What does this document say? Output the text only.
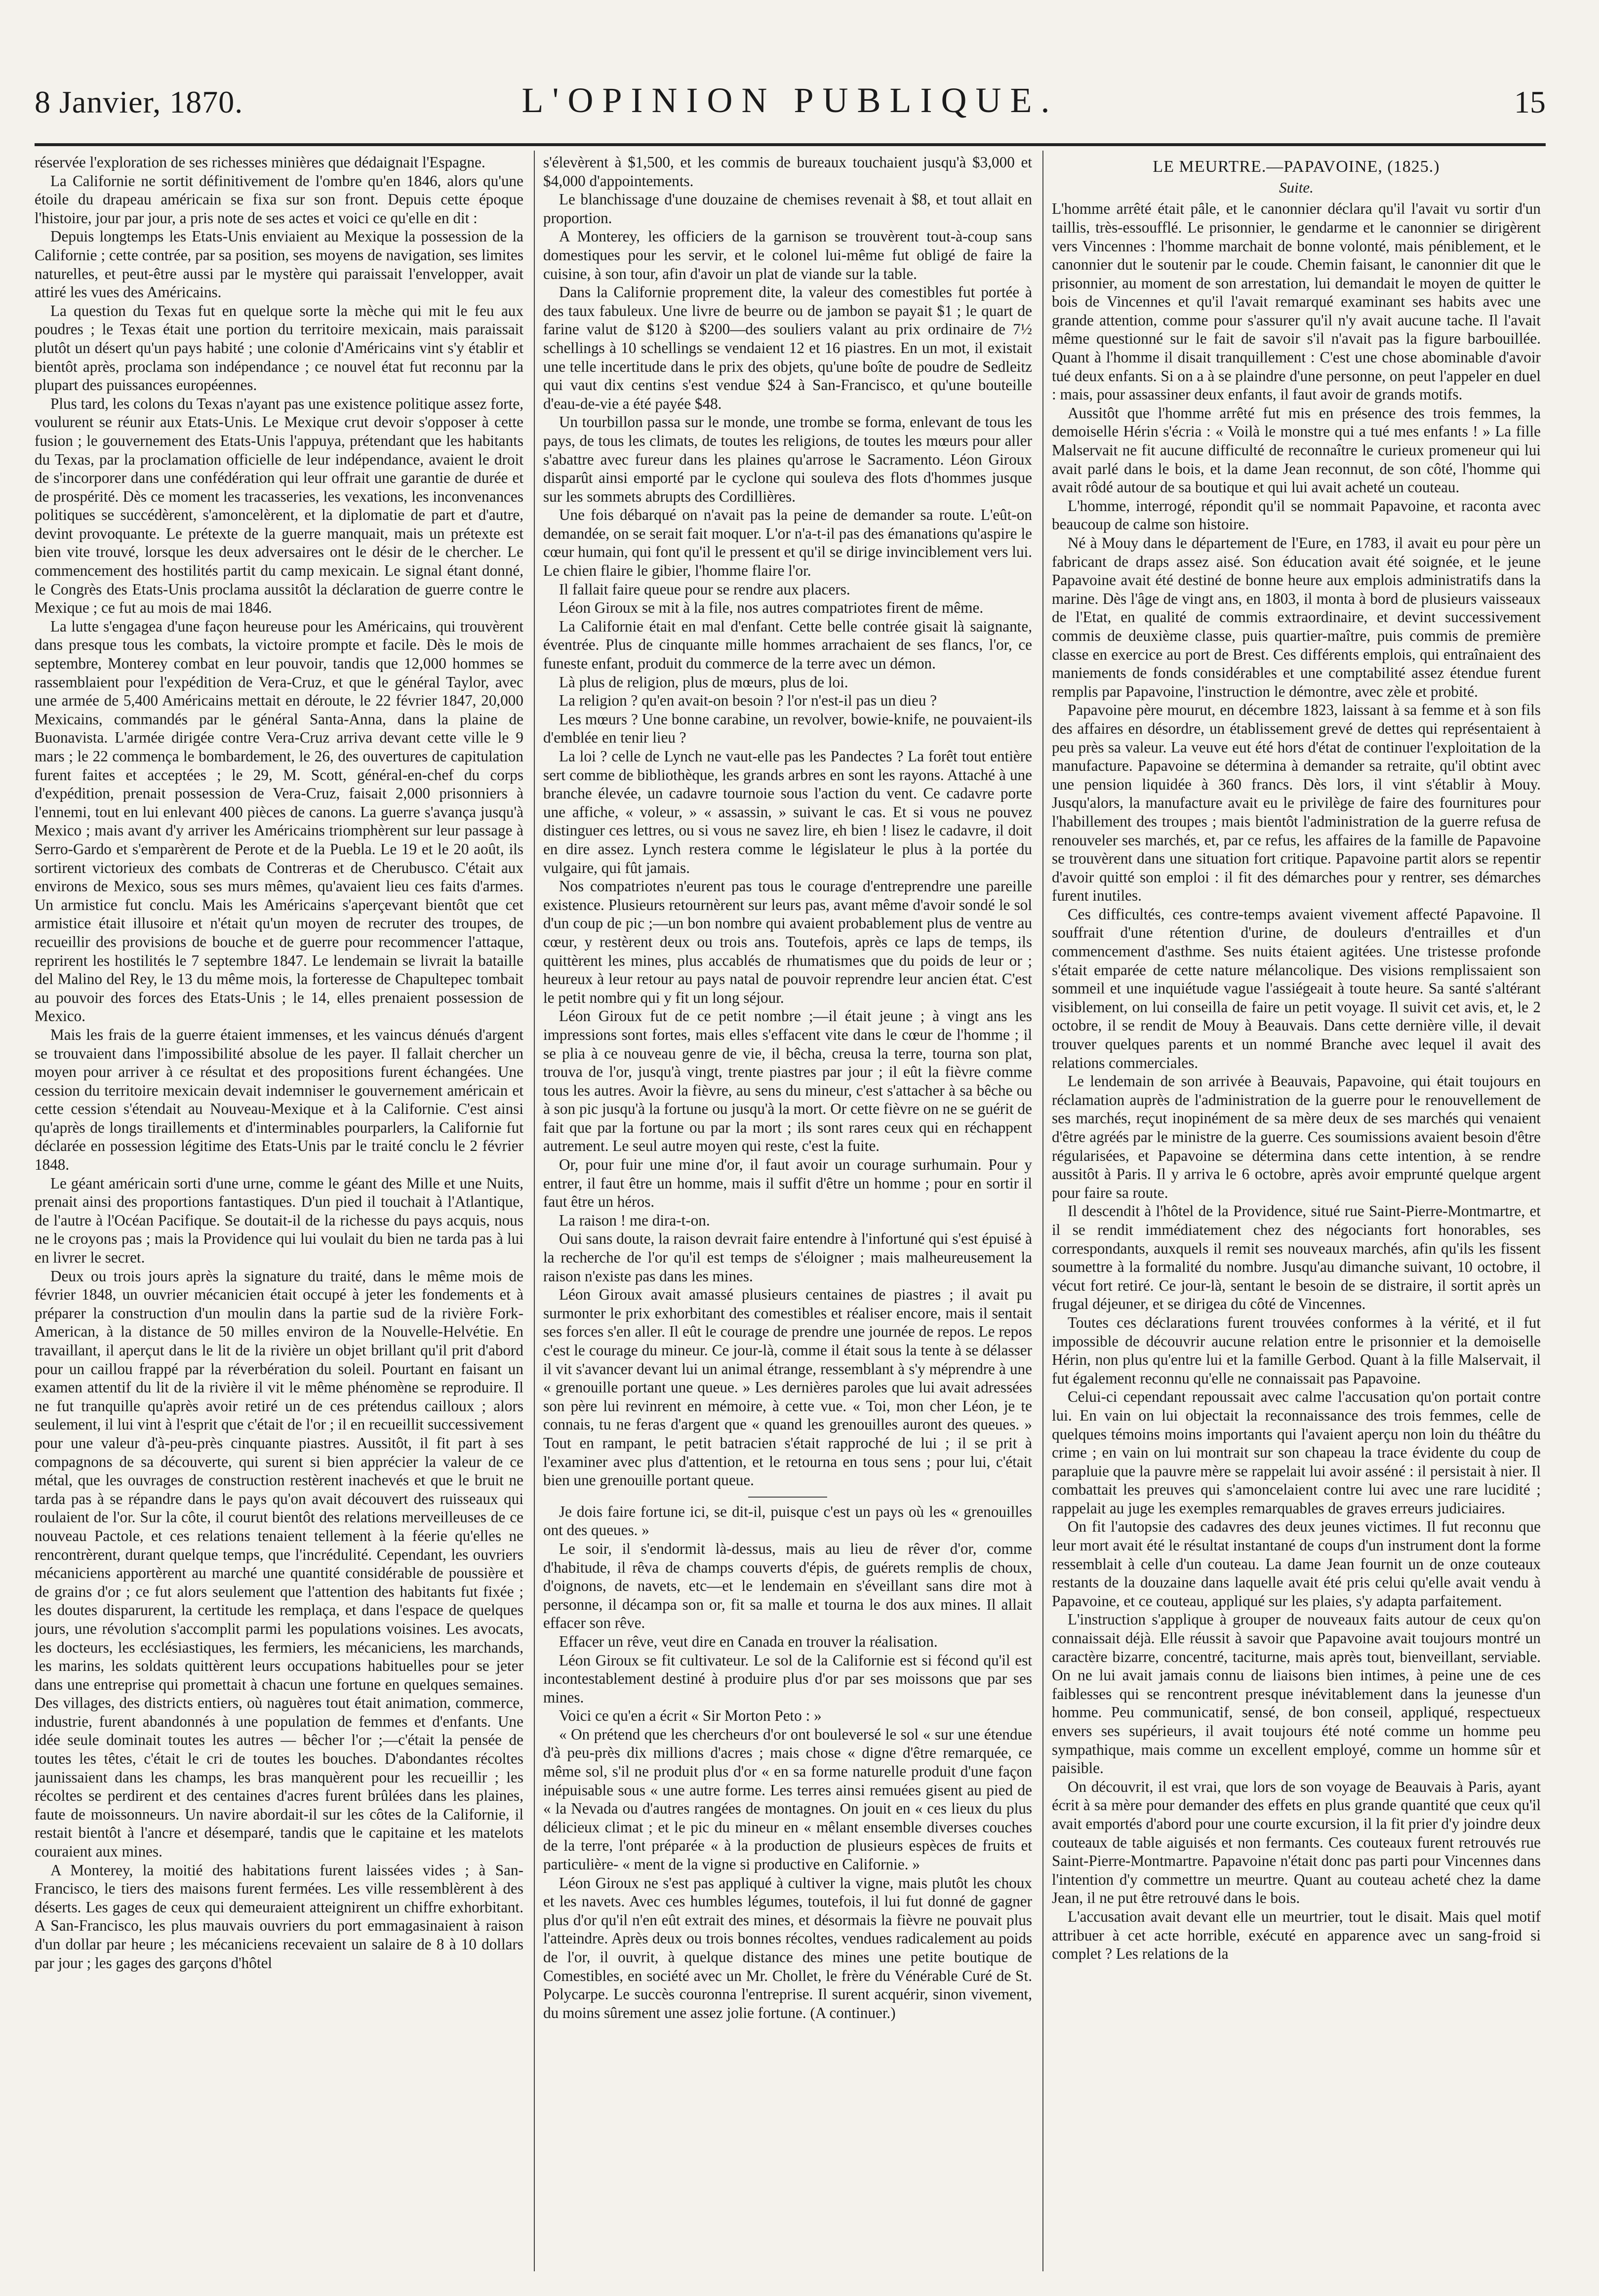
8 Janvier, 1870.	L'OPINION PUBLIQUE.	15

réservée l'exploration de ses richesses minières que dédaignait l'Espagne.

La Californie ne sortit définitivement de l'ombre qu'en 1846, alors qu'une étoile du drapeau américain se fixa sur son front. Depuis cette époque l'histoire, jour par jour, a pris note de ses actes et voici ce qu'elle en dit :

Depuis longtemps les Etats-Unis enviaient au Mexique la possession de la Californie ; cette contrée, par sa position, ses moyens de navigation, ses limites naturelles, et peut-être aussi par le mystère qui paraissait l'envelopper, avait attiré les vues des Américains.

La question du Texas fut en quelque sorte la mèche qui mit le feu aux poudres ; le Texas était une portion du territoire mexicain, mais paraissait plutôt un désert qu'un pays habité ; une colonie d'Américains vint s'y établir et bientôt après, proclama son indépendance ; ce nouvel état fut reconnu par la plupart des puissances européennes.

Plus tard, les colons du Texas n'ayant pas une existence politique assez forte, voulurent se réunir aux Etats-Unis. Le Mexique crut devoir s'opposer à cette fusion ; le gouvernement des Etats-Unis l'appuya, prétendant que les habitants du Texas, par la proclamation officielle de leur indépendance, avaient le droit de s'incorporer dans une confédération qui leur offrait une garantie de durée et de prospérité. Dès ce moment les tracasseries, les vexations, les inconvenances politiques se succédèrent, s'amoncelèrent, et la diplomatie de part et d'autre, devint provoquante. Le prétexte de la guerre manquait, mais un prétexte est bien vite trouvé, lorsque les deux adversaires ont le désir de le chercher. Le commencement des hostilités partit du camp mexicain. Le signal étant donné, le Congrès des Etats-Unis proclama aussitôt la déclaration de guerre contre le Mexique ; ce fut au mois de mai 1846.

La lutte s'engagea d'une façon heureuse pour les Américains, qui trouvèrent dans presque tous les combats, la victoire prompte et facile. Dès le mois de septembre, Monterey combat en leur pouvoir, tandis que 12,000 hommes se rassemblaient pour l'expédition de Vera-Cruz, et que le général Taylor, avec une armée de 5,400 Américains mettait en déroute, le 22 février 1847, 20,000 Mexicains, commandés par le général Santa-Anna, dans la plaine de Buonavista. L'armée dirigée contre Vera-Cruz arriva devant cette ville le 9 mars ; le 22 commença le bombardement, le 26, des ouvertures de capitulation furent faites et acceptées ; le 29, M. Scott, général-en-chef du corps d'expédition, prenait possession de Vera-Cruz, faisait 2,000 prisonniers à l'ennemi, tout en lui enlevant 400 pièces de canons. La guerre s'avança jusqu'à Mexico ; mais avant d'y arriver les Américains triomphèrent sur leur passage à Serro-Gardo et s'emparèrent de Perote et de la Puebla. Le 19 et le 20 août, ils sortirent victorieux des combats de Contreras et de Cherubusco. C'était aux environs de Mexico, sous ses murs mêmes, qu'avaient lieu ces faits d'armes. Un armistice fut conclu. Mais les Américains s'aperçevant bientôt que cet armistice était illusoire et n'était qu'un moyen de recruter des troupes, de recueillir des provisions de bouche et de guerre pour recommencer l'attaque, reprirent les hostilités le 7 septembre 1847. Le lendemain se livrait la bataille del Malino del Rey, le 13 du même mois, la forteresse de Chapultepec tombait au pouvoir des forces des Etats-Unis ; le 14, elles prenaient possession de Mexico.

Mais les frais de la guerre étaient immenses, et les vaincus dénués d'argent se trouvaient dans l'impossibilité absolue de les payer. Il fallait chercher un moyen pour arriver à ce résultat et des propositions furent échangées. Une cession du territoire mexicain devait indemniser le gouvernement américain et cette cession s'étendait au Nouveau-Mexique et à la Californie. C'est ainsi qu'après de longs tiraillements et d'interminables pourparlers, la Californie fut déclarée en possession légitime des Etats-Unis par le traité conclu le 2 février 1848.

Le géant américain sorti d'une urne, comme le géant des Mille et une Nuits, prenait ainsi des proportions fantastiques. D'un pied il touchait à l'Atlantique, de l'autre à l'Océan Pacifique. Se doutait-il de la richesse du pays acquis, nous ne le croyons pas ; mais la Providence qui lui voulait du bien ne tarda pas à lui en livrer le secret.

Deux ou trois jours après la signature du traité, dans le même mois de février 1848, un ouvrier mécanicien était occupé à jeter les fondements et à préparer la construction d'un moulin dans la partie sud de la rivière Fork-American, à la distance de 50 milles environ de la Nouvelle-Helvétie. En travaillant, il aperçut dans le lit de la rivière un objet brillant qu'il prit d'abord pour un caillou frappé par la réverbération du soleil. Pourtant en faisant un examen attentif du lit de la rivière il vit le même phénomène se reproduire. Il ne fut tranquille qu'après avoir retiré un de ces prétendus cailloux ; alors seulement, il lui vint à l'esprit que c'était de l'or ; il en recueillit successivement pour une valeur d'à-peu-près cinquante piastres. Aussitôt, il fit part à ses compagnons de sa découverte, qui surent si bien apprécier la valeur de ce métal, que les ouvrages de construction restèrent inachevés et que le bruit ne tarda pas à se répandre dans le pays qu'on avait découvert des ruisseaux qui roulaient de l'or. Sur la côte, il courut bientôt des relations merveilleuses de ce nouveau Pactole, et ces relations tenaient tellement à la féerie qu'elles ne rencontrèrent, durant quelque temps, que l'incrédulité. Cependant, les ouvriers mécaniciens apportèrent au marché une quantité considérable de poussière et de grains d'or ; ce fut alors seulement que l'attention des habitants fut fixée ; les doutes disparurent, la certitude les remplaça, et dans l'espace de quelques jours, une révolution s'accomplit parmi les populations voisines. Les avocats, les docteurs, les ecclésiastiques, les fermiers, les mécaniciens, les marchands, les marins, les soldats quittèrent leurs occupations habituelles pour se jeter dans une entreprise qui promettait à chacun une fortune en quelques semaines. Des villages, des districts entiers, où naguères tout était animation, commerce, industrie, furent abandonnés à une population de femmes et d'enfants. Une idée seule dominait toutes les autres — bêcher l'or ;—c'était la pensée de toutes les têtes, c'était le cri de toutes les bouches. D'abondantes récoltes jaunissaient dans les champs, les bras manquèrent pour les recueillir ; les récoltes se perdirent et des centaines d'acres furent brûlées dans les plaines, faute de moissonneurs. Un navire abordait-il sur les côtes de la Californie, il restait bientôt à l'ancre et désemparé, tandis que le capitaine et les matelots couraient aux mines.

A Monterey, la moitié des habitations furent laissées vides ; à San-Francisco, le tiers des maisons furent fermées. Les ville ressemblèrent à des déserts. Les gages de ceux qui demeuraient atteignirent un chiffre exhorbitant. A San-Francisco, les plus mauvais ouvriers du port emmagasinaient à raison d'un dollar par heure ; les mécaniciens recevaient un salaire de 8 à 10 dollars par jour ; les gages des garçons d'hôtel

s'élevèrent à $1,500, et les commis de bureaux touchaient jusqu'à $3,000 et $4,000 d'appointements.

Le blanchissage d'une douzaine de chemises revenait à $8, et tout allait en proportion.

A Monterey, les officiers de la garnison se trouvèrent tout-à-coup sans domestiques pour les servir, et le colonel lui-même fut obligé de faire la cuisine, à son tour, afin d'avoir un plat de viande sur la table.

Dans la Californie proprement dite, la valeur des comestibles fut portée à des taux fabuleux. Une livre de beurre ou de jambon se payait $1 ; le quart de farine valut de $120 à $200—des souliers valant au prix ordinaire de 7½ schellings à 10 schellings se vendaient 12 et 16 piastres. En un mot, il existait une telle incertitude dans le prix des objets, qu'une boîte de poudre de Sedleitz qui vaut dix centins s'est vendue $24 à San-Francisco, et qu'une bouteille d'eau-de-vie a été payée $48.

Un tourbillon passa sur le monde, une trombe se forma, enlevant de tous les pays, de tous les climats, de toutes les religions, de toutes les mœurs pour aller s'abattre avec fureur dans les plaines qu'arrose le Sacramento. Léon Giroux disparût ainsi emporté par le cyclone qui souleva des flots d'hommes jusque sur les sommets abrupts des Cordillières.

Une fois débarqué on n'avait pas la peine de demander sa route. L'eût-on demandée, on se serait fait moquer. L'or n'a-t-il pas des émanations qu'aspire le cœur humain, qui font qu'il le pressent et qu'il se dirige invinciblement vers lui. Le chien flaire le gibier, l'homme flaire l'or.

Il fallait faire queue pour se rendre aux placers.

Léon Giroux se mit à la file, nos autres compatriotes firent de même.

La Californie était en mal d'enfant. Cette belle contrée gisait là saignante, éventrée. Plus de cinquante mille hommes arrachaient de ses flancs, l'or, ce funeste enfant, produit du commerce de la terre avec un démon.

Là plus de religion, plus de mœurs, plus de loi.

La religion ? qu'en avait-on besoin ? l'or n'est-il pas un dieu ?

Les mœurs ? Une bonne carabine, un revolver, bowie-knife, ne pouvaient-ils d'emblée en tenir lieu ?

La loi ? celle de Lynch ne vaut-elle pas les Pandectes ? La forêt tout entière sert comme de bibliothèque, les grands arbres en sont les rayons. Attaché à une branche élevée, un cadavre tournoie sous l'action du vent. Ce cadavre porte une affiche, « voleur, » « assassin, » suivant le cas. Et si vous ne pouvez distinguer ces lettres, ou si vous ne savez lire, eh bien ! lisez le cadavre, il doit en dire assez. Lynch restera comme le législateur le plus à la portée du vulgaire, qui fût jamais.

Nos compatriotes n'eurent pas tous le courage d'entreprendre une pareille existence. Plusieurs retournèrent sur leurs pas, avant même d'avoir sondé le sol d'un coup de pic ;—un bon nombre qui avaient probablement plus de ventre au cœur, y restèrent deux ou trois ans. Toutefois, après ce laps de temps, ils quittèrent les mines, plus accablés de rhumatismes que du poids de leur or ; heureux à leur retour au pays natal de pouvoir reprendre leur ancien état. C'est le petit nombre qui y fit un long séjour.

Léon Giroux fut de ce petit nombre ;—il était jeune ; à vingt ans les impressions sont fortes, mais elles s'effacent vite dans le cœur de l'homme ; il se plia à ce nouveau genre de vie, il bêcha, creusa la terre, tourna son plat, trouva de l'or, jusqu'à vingt, trente piastres par jour ; il eût la fièvre comme tous les autres. Avoir la fièvre, au sens du mineur, c'est s'attacher à sa bêche ou à son pic jusqu'à la fortune ou jusqu'à la mort. Or cette fièvre on ne se guérit de fait que par la fortune ou par la mort ; ils sont rares ceux qui en réchappent autrement. Le seul autre moyen qui reste, c'est la fuite.

Or, pour fuir une mine d'or, il faut avoir un courage surhumain. Pour y entrer, il faut être un homme, mais il suffit d'être un homme ; pour en sortir il faut être un héros.

La raison ! me dira-t-on.

Oui sans doute, la raison devrait faire entendre à l'infortuné qui s'est épuisé à la recherche de l'or qu'il est temps de s'éloigner ; mais malheureusement la raison n'existe pas dans les mines.

Léon Giroux avait amassé plusieurs centaines de piastres ; il avait pu surmonter le prix exhorbitant des comestibles et réaliser encore, mais il sentait ses forces s'en aller. Il eût le courage de prendre une journée de repos. Le repos c'est le courage du mineur. Ce jour-là, comme il était sous la tente à se délasser il vit s'avancer devant lui un animal étrange, ressemblant à s'y méprendre à une « grenouille portant une queue. » Les dernières paroles que lui avait adressées son père lui revinrent en mémoire, à cette vue. « Toi, mon cher Léon, je te connais, tu ne feras d'argent que « quand les grenouilles auront des queues. » Tout en rampant, le petit batracien s'était rapproché de lui ; il se prit à l'examiner avec plus d'attention, et le retourna en tous sens ; pour lui, c'était bien une grenouille portant queue.

Je dois faire fortune ici, se dit-il, puisque c'est un pays où les « grenouilles ont des queues. »

Le soir, il s'endormit là-dessus, mais au lieu de rêver d'or, comme d'habitude, il rêva de champs couverts d'épis, de guérets remplis de choux, d'oignons, de navets, etc—et le lendemain en s'éveillant sans dire mot à personne, il décampa son or, fit sa malle et tourna le dos aux mines. Il allait effacer son rêve.

Effacer un rêve, veut dire en Canada en trouver la réalisation.

Léon Giroux se fit cultivateur. Le sol de la Californie est si fécond qu'il est incontestablement destiné à produire plus d'or par ses moissons que par ses mines.

Voici ce qu'en a écrit « Sir Morton Peto : »

« On prétend que les chercheurs d'or ont bouleversé le sol « sur une étendue d'à peu-près dix millions d'acres ; mais chose « digne d'être remarquée, ce même sol, s'il ne produit plus d'or « en sa forme naturelle produit d'une façon inépuisable sous « une autre forme. Les terres ainsi remuées gisent au pied de « la Nevada ou d'autres rangées de montagnes. On jouit en « ces lieux du plus délicieux climat ; et le pic du mineur en « mêlant ensemble diverses couches de la terre, l'ont préparée « à la production de plusieurs espèces de fruits et particulière- « ment de la vigne si productive en Californie. »

Léon Giroux ne s'est pas appliqué à cultiver la vigne, mais plutôt les choux et les navets. Avec ces humbles légumes, toutefois, il lui fut donné de gagner plus d'or qu'il n'en eût extrait des mines, et désormais la fièvre ne pouvait plus l'atteindre. Après deux ou trois bonnes récoltes, vendues radicalement au poids de l'or, il ouvrit, à quelque distance des mines une petite boutique de Comestibles, en société avec un Mr. Chollet, le frère du Vénérable Curé de St. Polycarpe. Le succès couronna l'entreprise. Il surent acquérir, sinon vivement, du moins sûrement une assez jolie fortune. (A continuer.)

LE MEURTRE.—PAPAVOINE, (1825.)
Suite.

L'homme arrêté était pâle, et le canonnier déclara qu'il l'avait vu sortir d'un taillis, très-essoufflé. Le prisonnier, le gendarme et le canonnier se dirigèrent vers Vincennes : l'homme marchait de bonne volonté, mais péniblement, et le canonnier dut le soutenir par le coude. Chemin faisant, le canonnier dit que le prisonnier, au moment de son arrestation, lui demandait le moyen de quitter le bois de Vincennes et qu'il l'avait remarqué examinant ses habits avec une grande attention, comme pour s'assurer qu'il n'y avait aucune tache. Il l'avait même questionné sur le fait de savoir s'il n'avait pas la figure barbouillée. Quant à l'homme il disait tranquillement : C'est une chose abominable d'avoir tué deux enfants. Si on a à se plaindre d'une personne, on peut l'appeler en duel : mais, pour assassiner deux enfants, il faut avoir de grands motifs.

Aussitôt que l'homme arrêté fut mis en présence des trois femmes, la demoiselle Hérin s'écria : « Voilà le monstre qui a tué mes enfants ! » La fille Malservait ne fit aucune difficulté de reconnaître le curieux promeneur qui lui avait parlé dans le bois, et la dame Jean reconnut, de son côté, l'homme qui avait rôdé autour de sa boutique et qui lui avait acheté un couteau.

L'homme, interrogé, répondit qu'il se nommait Papavoine, et raconta avec beaucoup de calme son histoire.

Né à Mouy dans le département de l'Eure, en 1783, il avait eu pour père un fabricant de draps assez aisé. Son éducation avait été soignée, et le jeune Papavoine avait été destiné de bonne heure aux emplois administratifs dans la marine. Dès l'âge de vingt ans, en 1803, il monta à bord de plusieurs vaisseaux de l'Etat, en qualité de commis extraordinaire, et devint successivement commis de deuxième classe, puis quartier-maître, puis commis de première classe en exercice au port de Brest. Ces différents emplois, qui entraînaient des maniements de fonds considérables et une comptabilité assez étendue furent remplis par Papavoine, l'instruction le démontre, avec zèle et probité.

Papavoine père mourut, en décembre 1823, laissant à sa femme et à son fils des affaires en désordre, un établissement grevé de dettes qui représentaient à peu près sa valeur. La veuve eut été hors d'état de continuer l'exploitation de la manufacture. Papavoine se détermina à demander sa retraite, qu'il obtint avec une pension liquidée à 360 francs. Dès lors, il vint s'établir à Mouy. Jusqu'alors, la manufacture avait eu le privilège de faire des fournitures pour l'habillement des troupes ; mais bientôt l'administration de la guerre refusa de renouveler ses marchés, et, par ce refus, les affaires de la famille de Papavoine se trouvèrent dans une situation fort critique. Papavoine partit alors se repentir d'avoir quitté son emploi : il fit des démarches pour y rentrer, ses démarches furent inutiles.

Ces difficultés, ces contre-temps avaient vivement affecté Papavoine. Il souffrait d'une rétention d'urine, de douleurs d'entrailles et d'un commencement d'asthme. Ses nuits étaient agitées. Une tristesse profonde s'était emparée de cette nature mélancolique. Des visions remplissaient son sommeil et une inquiétude vague l'assiégeait à toute heure. Sa santé s'altérant visiblement, on lui conseilla de faire un petit voyage. Il suivit cet avis, et, le 2 octobre, il se rendit de Mouy à Beauvais. Dans cette dernière ville, il devait trouver quelques parents et un nommé Branche avec lequel il avait des relations commerciales.

Le lendemain de son arrivée à Beauvais, Papavoine, qui était toujours en réclamation auprès de l'administration de la guerre pour le renouvellement de ses marchés, reçut inopinément de sa mère deux de ses marchés qui venaient d'être agréés par le ministre de la guerre. Ces soumissions avaient besoin d'être régularisées, et Papavoine se détermina dans cette intention, à se rendre aussitôt à Paris. Il y arriva le 6 octobre, après avoir emprunté quelque argent pour faire sa route.

Il descendit à l'hôtel de la Providence, situé rue Saint-Pierre-Montmartre, et il se rendit immédiatement chez des négociants fort honorables, ses correspondants, auxquels il remit ses nouveaux marchés, afin qu'ils les fissent soumettre à la formalité du nombre. Jusqu'au dimanche suivant, 10 octobre, il vécut fort retiré. Ce jour-là, sentant le besoin de se distraire, il sortit après un frugal déjeuner, et se dirigea du côté de Vincennes.

Toutes ces déclarations furent trouvées conformes à la vérité, et il fut impossible de découvrir aucune relation entre le prisonnier et la demoiselle Hérin, non plus qu'entre lui et la famille Gerbod. Quant à la fille Malservait, il fut également reconnu qu'elle ne connaissait pas Papavoine.

Celui-ci cependant repoussait avec calme l'accusation qu'on portait contre lui. En vain on lui objectait la reconnaissance des trois femmes, celle de quelques témoins moins importants qui l'avaient aperçu non loin du théâtre du crime ; en vain on lui montrait sur son chapeau la trace évidente du coup de parapluie que la pauvre mère se rappelait lui avoir asséné : il persistait à nier. Il combattait les preuves qui s'amoncelaient contre lui avec une rare lucidité ; rappelait au juge les exemples remarquables de graves erreurs judiciaires.

On fit l'autopsie des cadavres des deux jeunes victimes. Il fut reconnu que leur mort avait été le résultat instantané de coups d'un instrument dont la forme ressemblait à celle d'un couteau. La dame Jean fournit un de onze couteaux restants de la douzaine dans laquelle avait été pris celui qu'elle avait vendu à Papavoine, et ce couteau, appliqué sur les plaies, s'y adapta parfaitement.

L'instruction s'applique à grouper de nouveaux faits autour de ceux qu'on connaissait déjà. Elle réussit à savoir que Papavoine avait toujours montré un caractère bizarre, concentré, taciturne, mais après tout, bienveillant, serviable. On ne lui avait jamais connu de liaisons bien intimes, à peine une de ces faiblesses qui se rencontrent presque inévitablement dans la jeunesse d'un homme. Peu communicatif, sensé, de bon conseil, appliqué, respectueux envers ses supérieurs, il avait toujours été noté comme un homme peu sympathique, mais comme un excellent employé, comme un homme sûr et paisible.

On découvrit, il est vrai, que lors de son voyage de Beauvais à Paris, ayant écrit à sa mère pour demander des effets en plus grande quantité que ceux qu'il avait emportés d'abord pour une courte excursion, il la fit prier d'y joindre deux couteaux de table aiguisés et non fermants. Ces couteaux furent retrouvés rue Saint-Pierre-Montmartre. Papavoine n'était donc pas parti pour Vincennes dans l'intention d'y commettre un meurtre. Quant au couteau acheté chez la dame Jean, il ne put être retrouvé dans le bois.

L'accusation avait devant elle un meurtrier, tout le disait. Mais quel motif attribuer à cet acte horrible, exécuté en apparence avec un sang-froid si complet ? Les relations de la
